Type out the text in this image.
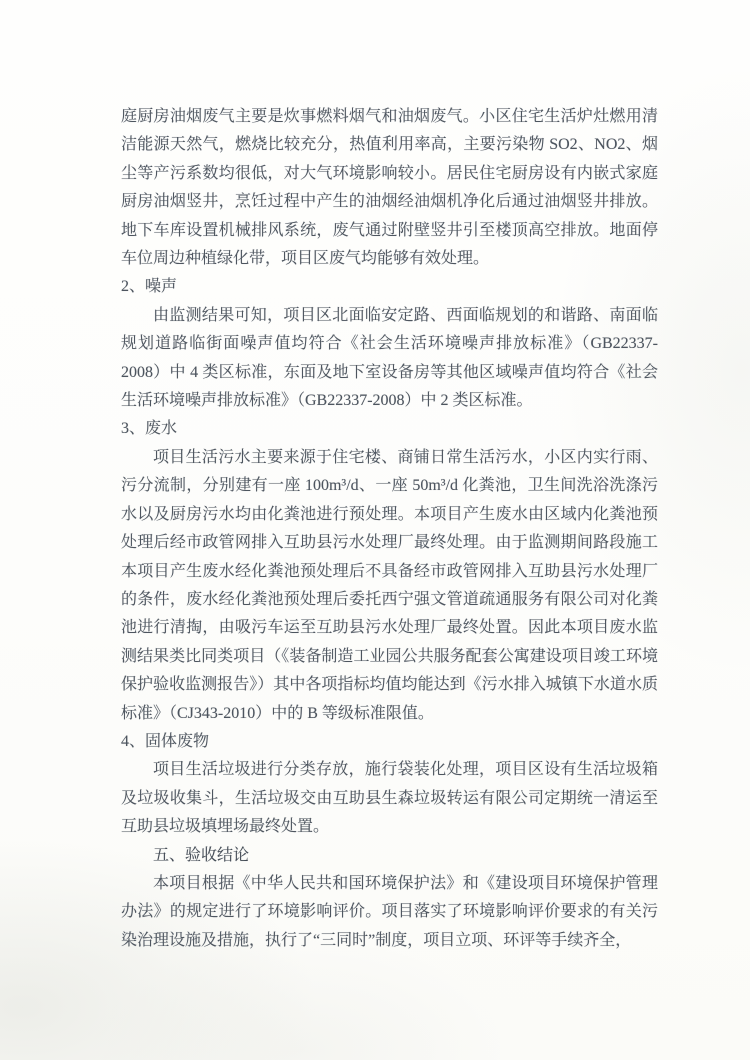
庭厨房油烟废气主要是炊事燃料烟气和油烟废气。小区住宅生活炉灶燃用清洁能源天然气，燃烧比较充分，热值利用率高，主要污染物 SO2、NO2、烟尘等产污系数均很低，对大气环境影响较小。居民住宅厨房设有内嵌式家庭厨房油烟竖井，烹饪过程中产生的油烟经油烟机净化后通过油烟竖井排放。地下车库设置机械排风系统，废气通过附壁竖井引至楼顶高空排放。地面停车位周边种植绿化带，项目区废气均能够有效处理。

2、噪声

由监测结果可知，项目区北面临安定路、西面临规划的和谐路、南面临规划道路临街面噪声值均符合《社会生活环境噪声排放标准》（GB22337-2008）中 4 类区标准，东面及地下室设备房等其他区域噪声值均符合《社会生活环境噪声排放标准》（GB22337-2008）中 2 类区标准。

3、废水

项目生活污水主要来源于住宅楼、商铺日常生活污水，小区内实行雨、污分流制，分别建有一座 100m³/d、一座 50m³/d 化粪池，卫生间洗浴洗涤污水以及厨房污水均由化粪池进行预处理。本项目产生废水由区域内化粪池预处理后经市政管网排入互助县污水处理厂最终处理。由于监测期间路段施工本项目产生废水经化粪池预处理后不具备经市政管网排入互助县污水处理厂的条件，废水经化粪池预处理后委托西宁强文管道疏通服务有限公司对化粪池进行清掏，由吸污车运至互助县污水处理厂最终处置。因此本项目废水监测结果类比同类项目（《装备制造工业园公共服务配套公寓建设项目竣工环境保护验收监测报告》）其中各项指标均值均能达到《污水排入城镇下水道水质标准》（CJ343-2010）中的 B 等级标准限值。

4、固体废物

项目生活垃圾进行分类存放，施行袋装化处理，项目区设有生活垃圾箱及垃圾收集斗，生活垃圾交由互助县生森垃圾转运有限公司定期统一清运至互助县垃圾填埋场最终处置。

五、验收结论

本项目根据《中华人民共和国环境保护法》和《建设项目环境保护管理办法》的规定进行了环境影响评价。项目落实了环境影响评价要求的有关污染治理设施及措施，执行了“三同时”制度，项目立项、环评等手续齐全，
